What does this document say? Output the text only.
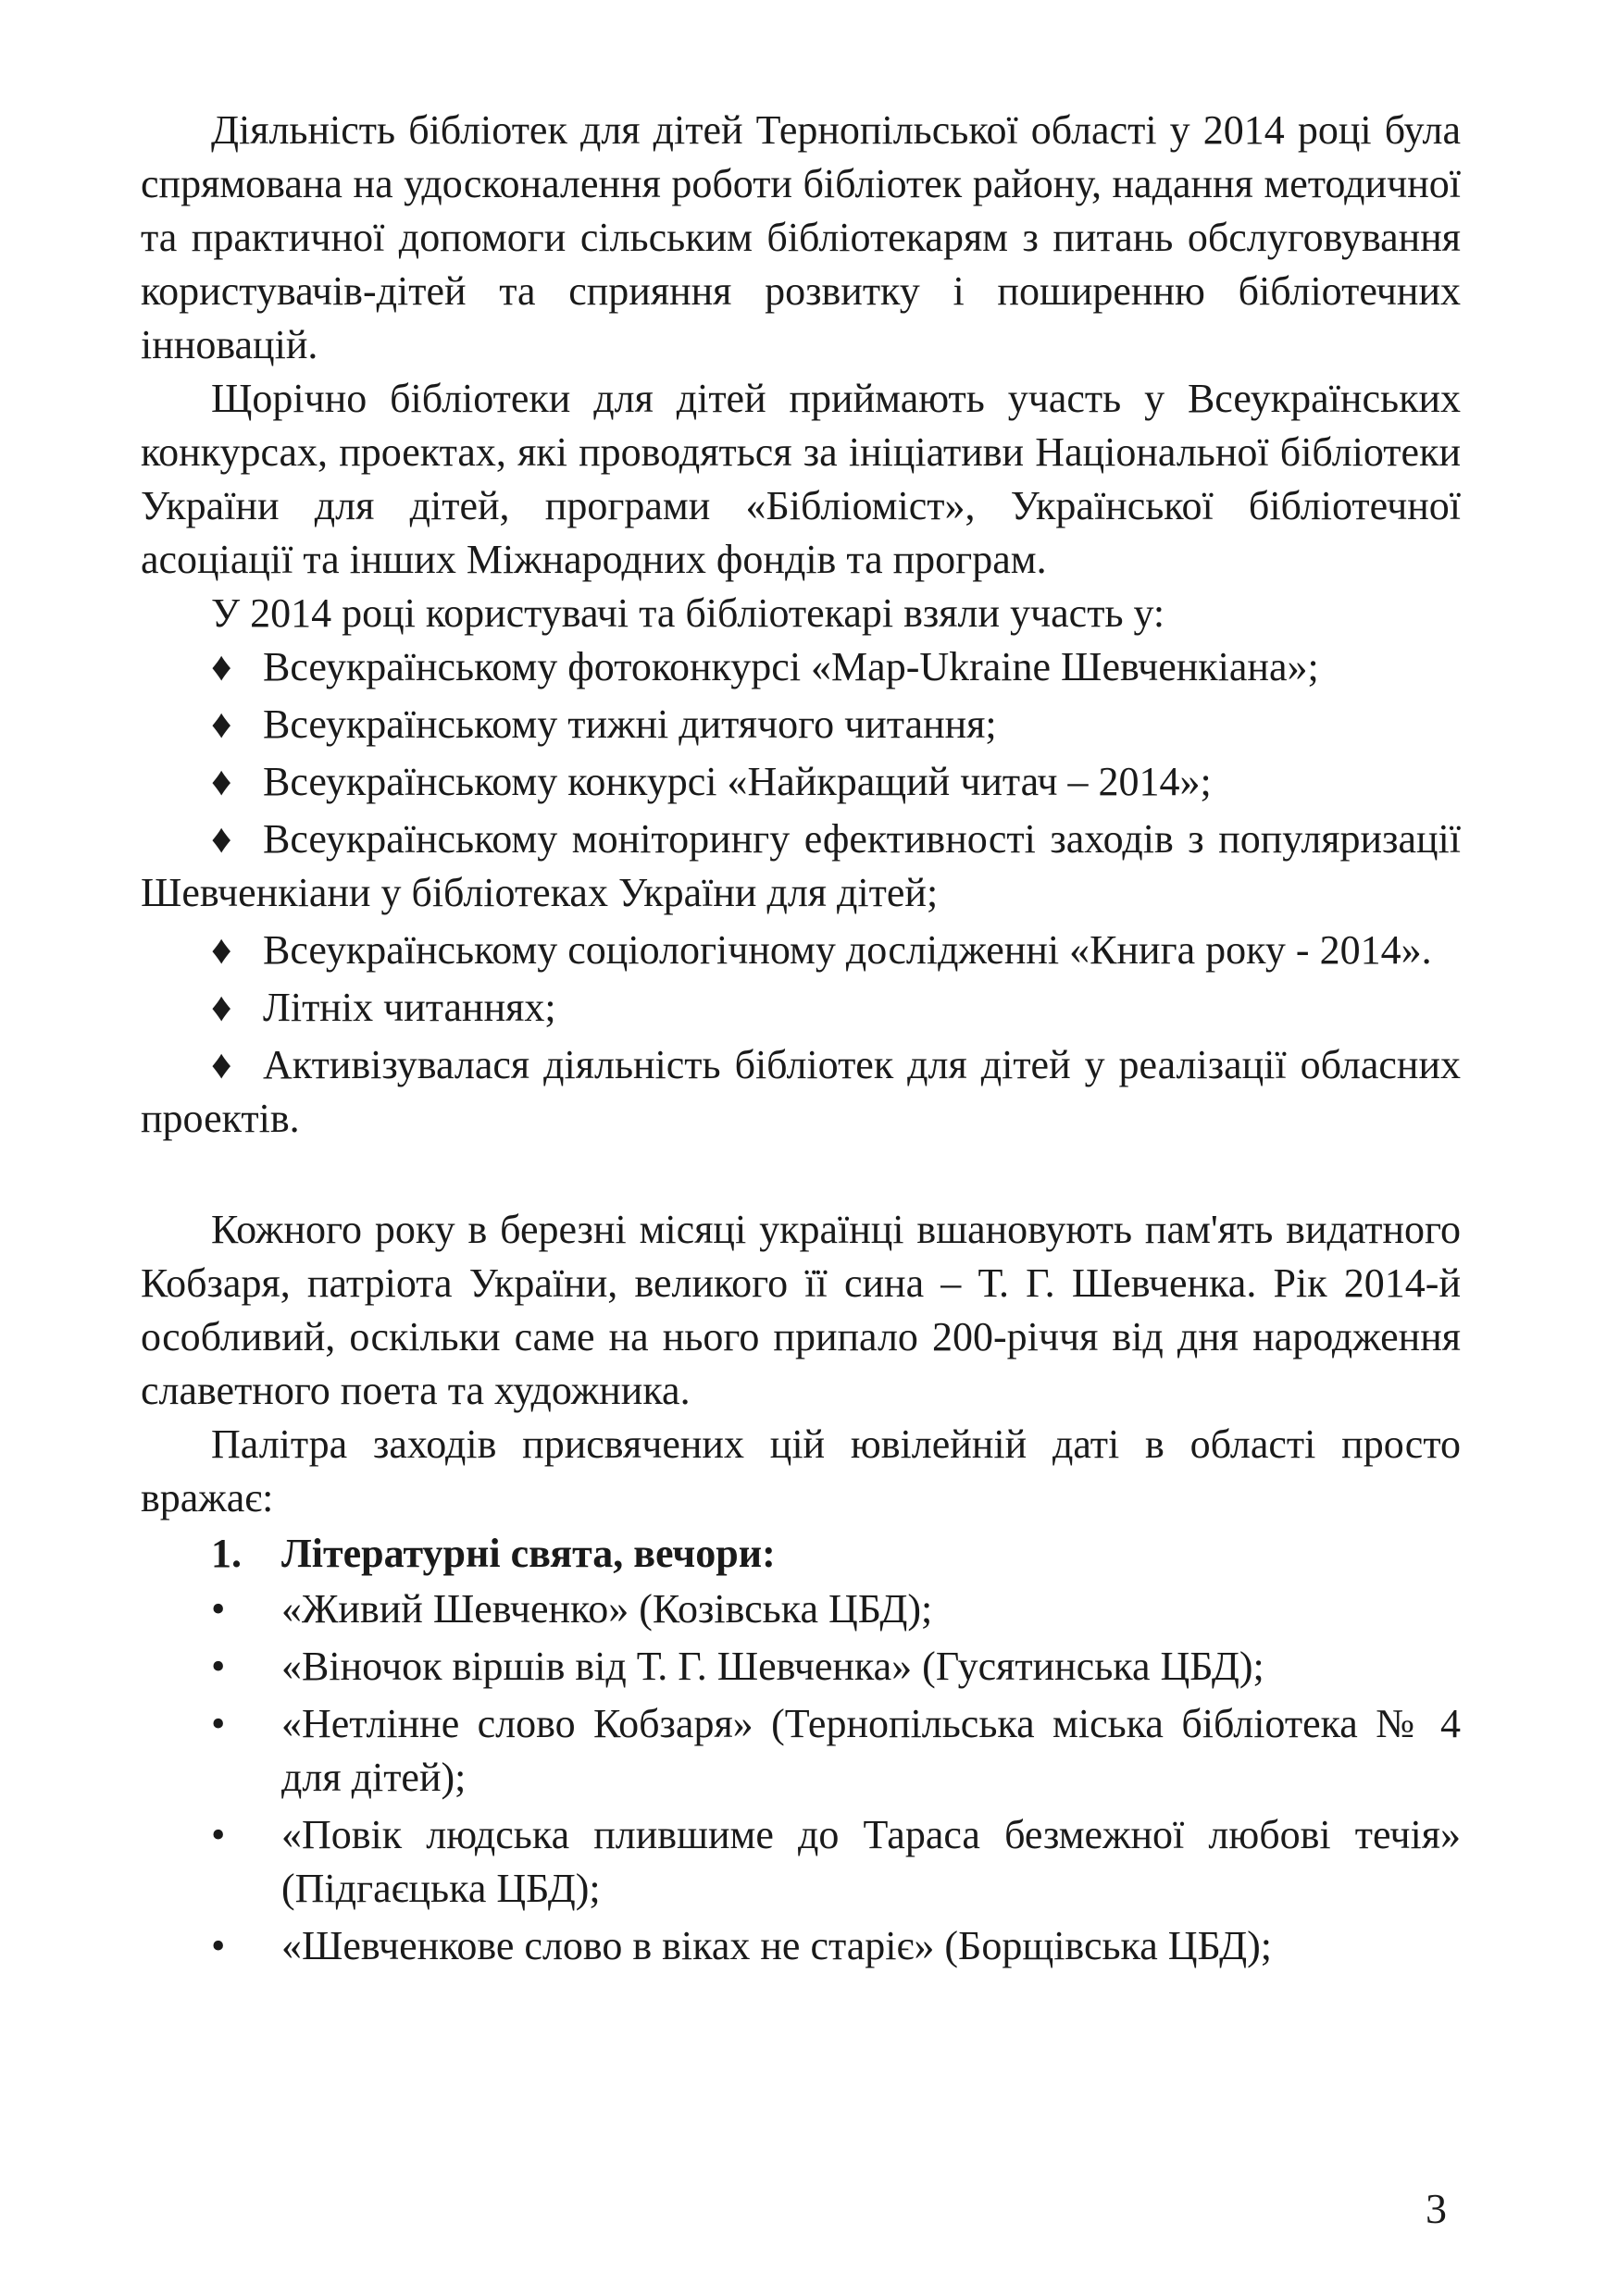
Діяльність бібліотек для дітей Тернопільської області у 2014 році була спрямована на удосконалення роботи бібліотек району, надання методичної та практичної допомоги сільським бібліотекарям з питань обслуговування користувачів-дітей та сприяння розвитку і поширенню бібліотечних інновацій.

Щорічно бібліотеки для дітей приймають участь у Всеукраїнських конкурсах, проектах, які проводяться за ініціативи Національної бібліотеки України для дітей, програми «Бібліоміст», Української бібліотечної асоціації та інших Міжнародних фондів та програм.

У 2014 році користувачі та бібліотекарі взяли участь у:

♦ Всеукраїнському фотоконкурсі «Map-Ukraine Шевченкіана»;
♦ Всеукраїнському тижні дитячого читання;
♦ Всеукраїнському конкурсі «Найкращий читач – 2014»;
♦ Всеукраїнському моніторингу ефективності заходів з популяризації Шевченкіани у бібліотеках України для дітей;
♦ Всеукраїнському соціологічному дослідженні «Книга року - 2014».
♦ Літніх читаннях;
♦ Активізувалася діяльність бібліотек для дітей у реалізації обласних проектів.

Кожного року в березні місяці українці вшановують пам'ять видатного Кобзаря, патріота України, великого її сина – Т. Г. Шевченка. Рік 2014-й особливий, оскільки саме на нього припало 200-річчя від дня народження славетного поета та художника.

Палітра заходів присвячених цій ювілейній даті в області просто вражає:

1. Літературні свята, вечори:
•	«Живий Шевченко» (Козівська ЦБД);
•	«Віночок віршів від Т. Г. Шевченка» (Гусятинська ЦБД);
•	«Нетлінне слово Кобзаря» (Тернопільська міська бібліотека № 4 для дітей);
•	«Повік людська плившиме до Тараса безмежної любові течія» (Підгаєцька ЦБД);
•	«Шевченкове слово в віках не старіє» (Борщівська ЦБД);
3
